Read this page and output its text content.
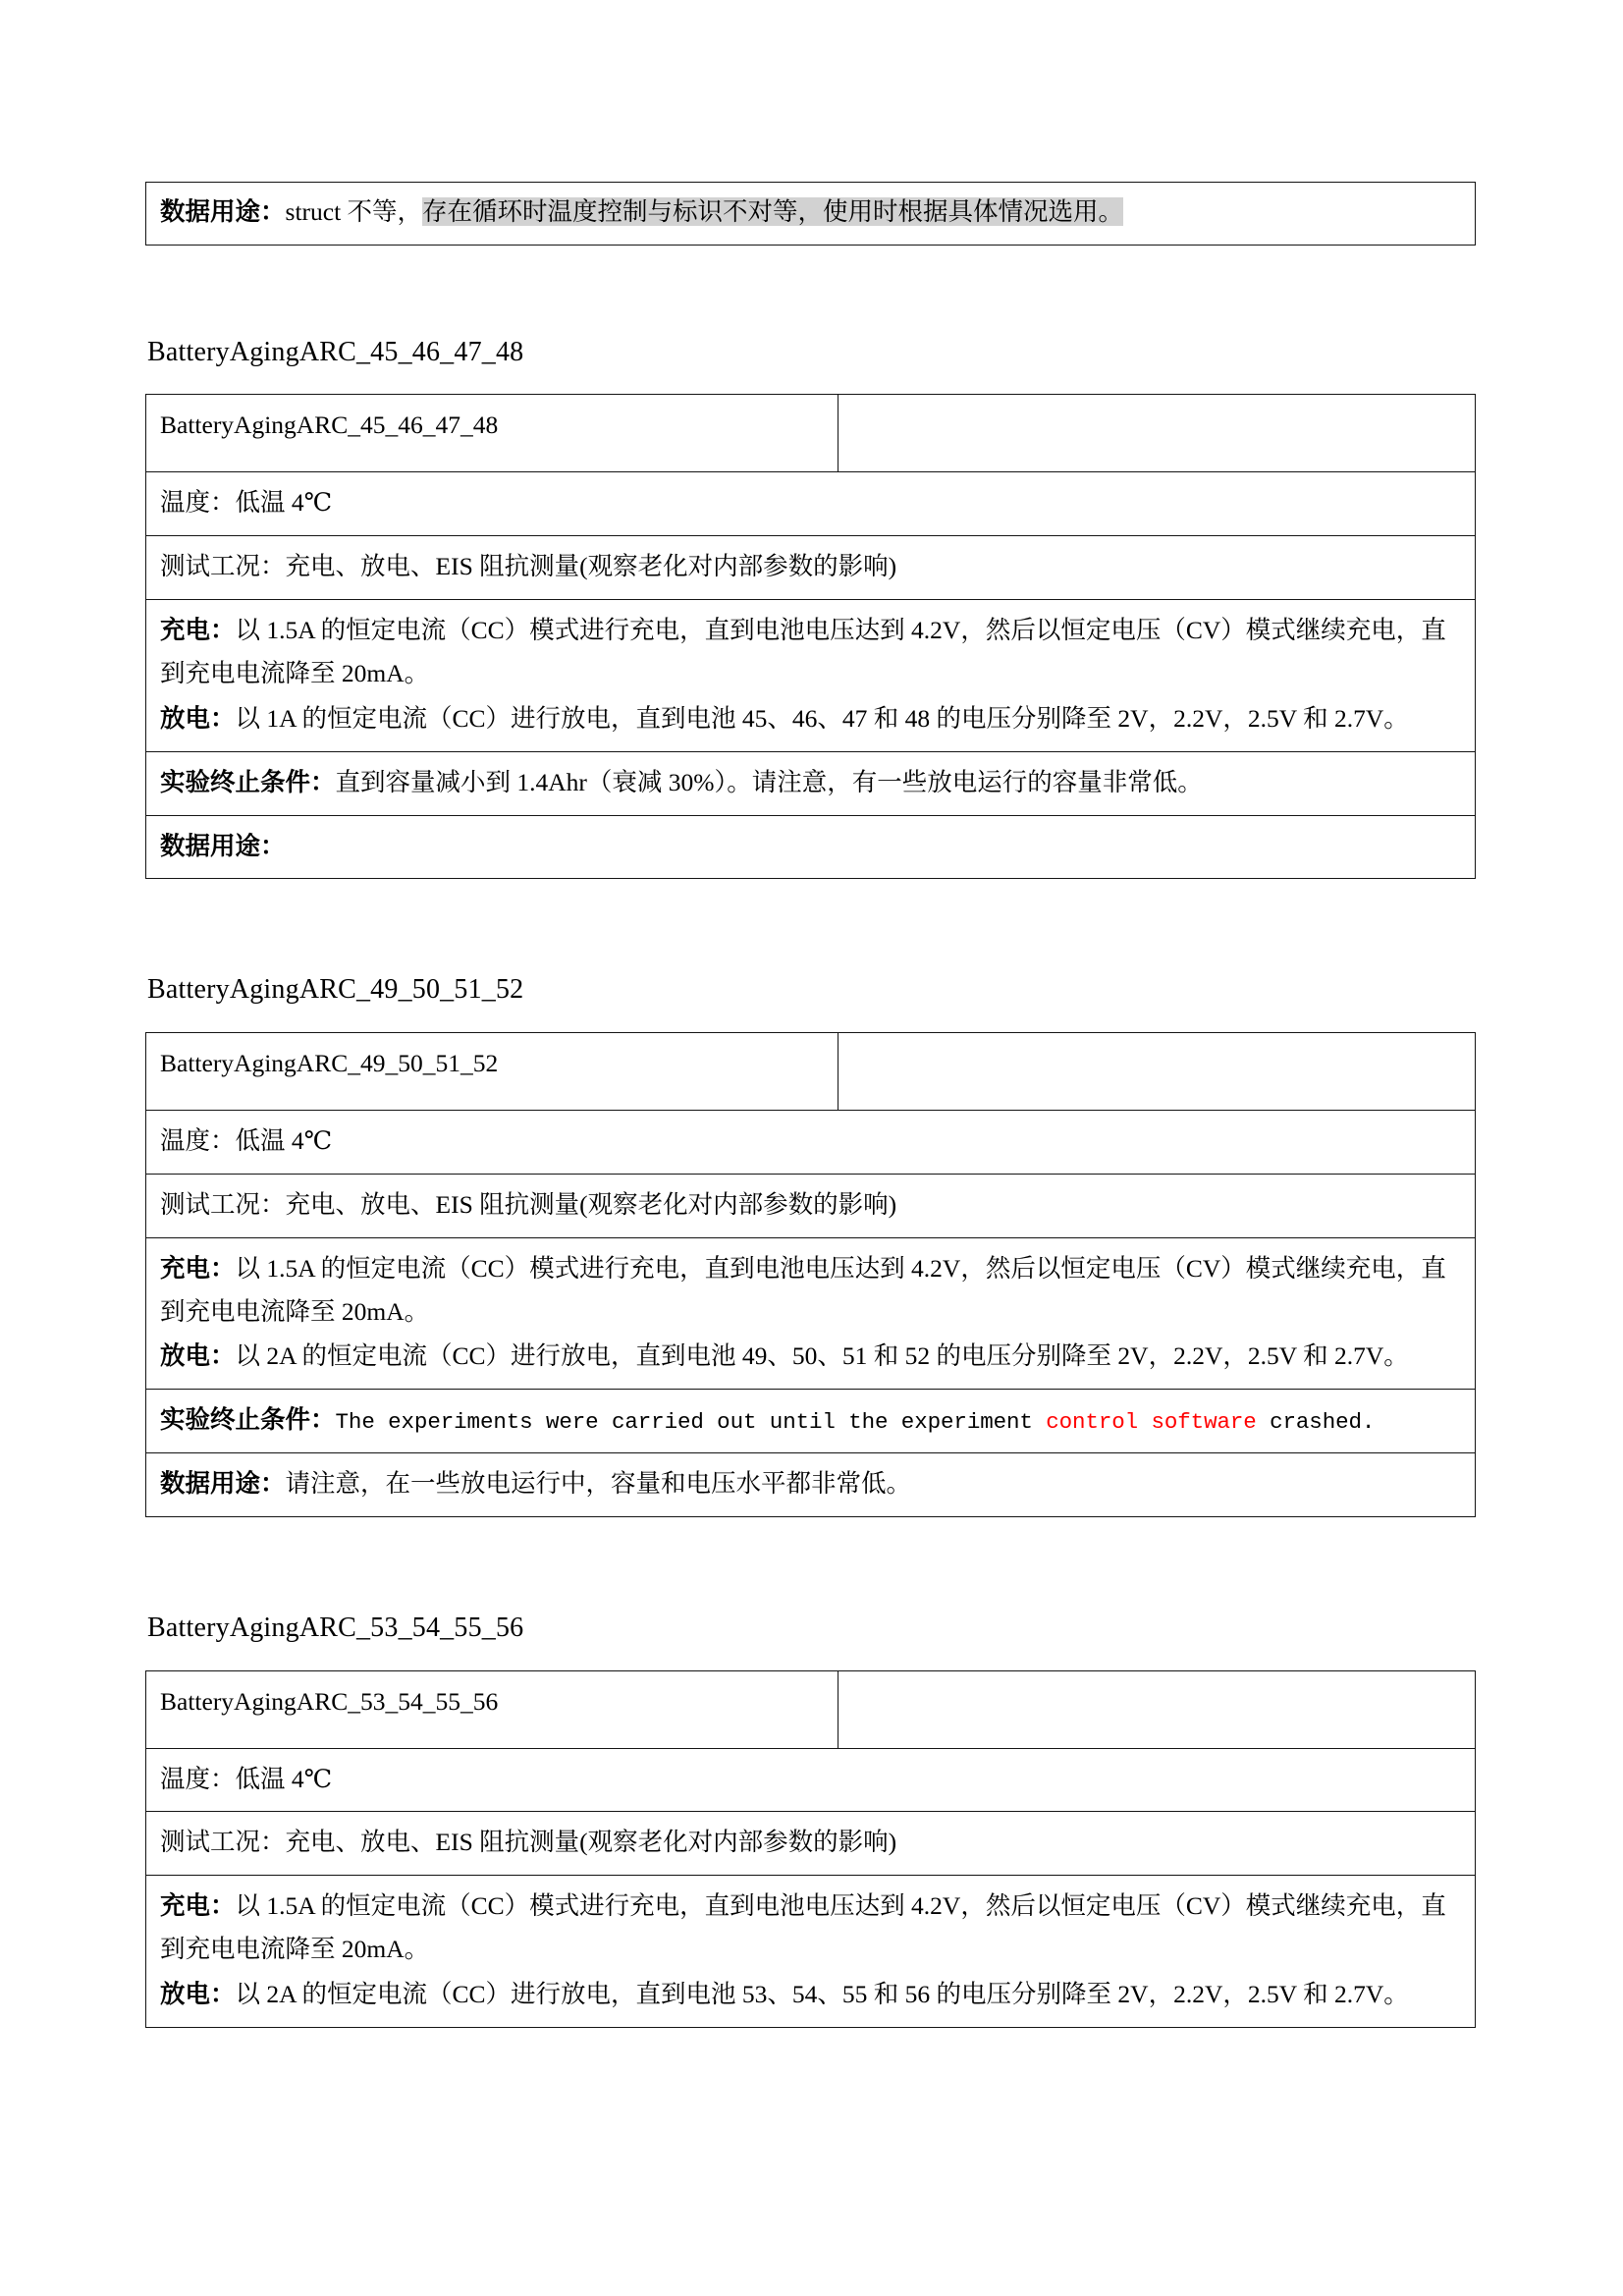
数据用途：struct 不等，存在循环时温度控制与标识不对等，使用时根据具体情况选用。
BatteryAgingARC_45_46_47_48
BatteryAgingARC_45_46_47_48	
温度：低温 4℃
测试工况：充电、放电、EIS 阻抗测量(观察老化对内部参数的影响)

充电：以 1.5A 的恒定电流（CC）模式进行充电，直到电池电压达到 4.2V，然后以恒定电压（CV）模式继续充电，直到充电电流降至 20mA。

放电：以 1A 的恒定电流（CC）进行放电，直到电池 45、46、47 和 48 的电压分别降至 2V，2.2V，2.5V 和 2.7V。

实验终止条件：直到容量减小到 1.4Ahr（衰减 30%）。请注意，有一些放电运行的容量非常低。
数据用途：
BatteryAgingARC_49_50_51_52
BatteryAgingARC_49_50_51_52	
温度：低温 4℃
测试工况：充电、放电、EIS 阻抗测量(观察老化对内部参数的影响)

充电：以 1.5A 的恒定电流（CC）模式进行充电，直到电池电压达到 4.2V，然后以恒定电压（CV）模式继续充电，直到充电电流降至 20mA。

放电：以 2A 的恒定电流（CC）进行放电，直到电池 49、50、51 和 52 的电压分别降至 2V，2.2V，2.5V 和 2.7V。

实验终止条件：The experiments were carried out until the experiment control software crashed.
数据用途：请注意，在一些放电运行中，容量和电压水平都非常低。
BatteryAgingARC_53_54_55_56
BatteryAgingARC_53_54_55_56	
温度：低温 4℃
测试工况：充电、放电、EIS 阻抗测量(观察老化对内部参数的影响)

充电：以 1.5A 的恒定电流（CC）模式进行充电，直到电池电压达到 4.2V，然后以恒定电压（CV）模式继续充电，直到充电电流降至 20mA。

放电：以 2A 的恒定电流（CC）进行放电，直到电池 53、54、55 和 56 的电压分别降至 2V，2.2V，2.5V 和 2.7V。
